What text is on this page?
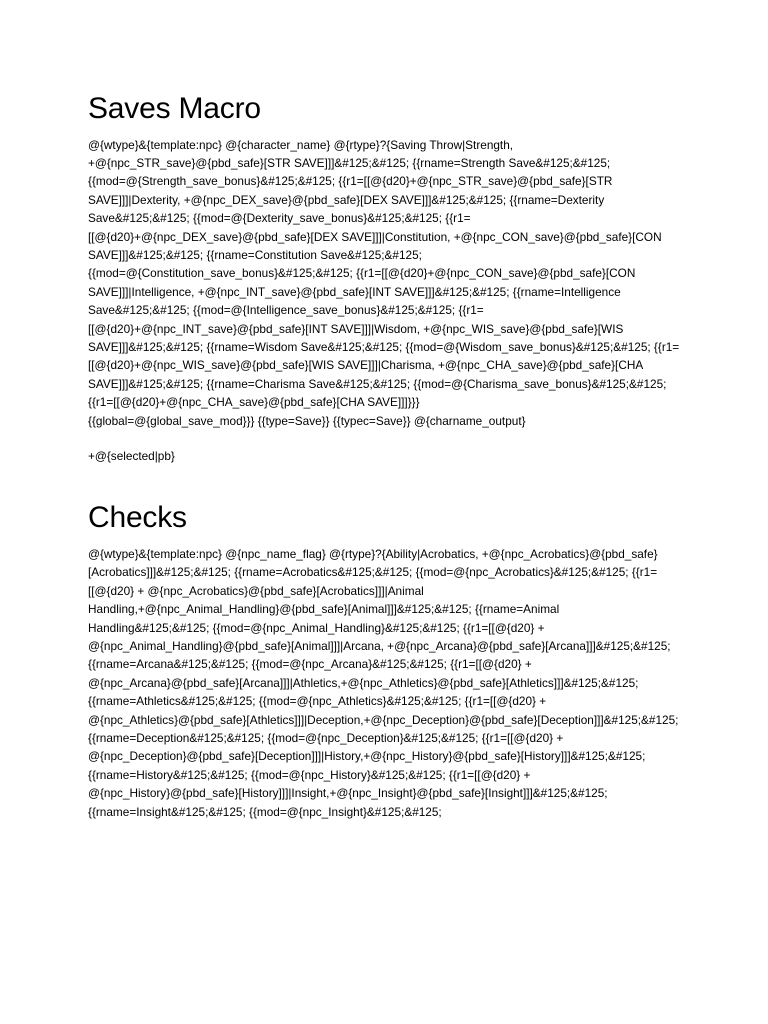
Saves Macro

@{wtype}&{template:npc} @{character_name} @{rtype}?{Saving Throw|Strength, +@{npc_STR_save}@{pbd_safe}[STR SAVE]]]&#125;&#125; {{rname=Strength Save&#125;&#125; {{mod=@{Strength_save_bonus}&#125;&#125; {{r1=[[@{d20}+@{npc_STR_save}@{pbd_safe}[STR SAVE]]]|Dexterity, +@{npc_DEX_save}@{pbd_safe}[DEX SAVE]]]&#125;&#125; {{rname=Dexterity Save&#125;&#125; {{mod=@{Dexterity_save_bonus}&#125;&#125; {{r1=[[@{d20}+@{npc_DEX_save}@{pbd_safe}[DEX SAVE]]]|Constitution, +@{npc_CON_save}@{pbd_safe}[CON SAVE]]]&#125;&#125; {{rname=Constitution Save&#125;&#125; {{mod=@{Constitution_save_bonus}&#125;&#125; {{r1=[[@{d20}+@{npc_CON_save}@{pbd_safe}[CON SAVE]]]|Intelligence, +@{npc_INT_save}@{pbd_safe}[INT SAVE]]]&#125;&#125; {{rname=Intelligence Save&#125;&#125; {{mod=@{Intelligence_save_bonus}&#125;&#125; {{r1=[[@{d20}+@{npc_INT_save}@{pbd_safe}[INT SAVE]]]|Wisdom, +@{npc_WIS_save}@{pbd_safe}[WIS SAVE]]]&#125;&#125; {{rname=Wisdom Save&#125;&#125; {{mod=@{Wisdom_save_bonus}&#125;&#125; {{r1=[[@{d20}+@{npc_WIS_save}@{pbd_safe}[WIS SAVE]]]|Charisma, +@{npc_CHA_save}@{pbd_safe}[CHA SAVE]]]&#125;&#125; {{rname=Charisma Save&#125;&#125; {{mod=@{Charisma_save_bonus}&#125;&#125; {{r1=[[@{d20}+@{npc_CHA_save}@{pbd_safe}[CHA SAVE]]]}}}

{{global=@{global_save_mod}}} {{type=Save}} {{typec=Save}} @{charname_output}

+@{selected|pb}

Checks

@{wtype}&{template:npc} @{npc_name_flag} @{rtype}?{Ability|Acrobatics, +@{npc_Acrobatics}@{pbd_safe}[Acrobatics]]]&#125;&#125; {{rname=Acrobatics&#125;&#125; {{mod=@{npc_Acrobatics}&#125;&#125; {{r1=[[@{d20} + @{npc_Acrobatics}@{pbd_safe}[Acrobatics]]]|Animal Handling,+@{npc_Animal_Handling}@{pbd_safe}[Animal]]]&#125;&#125; {{rname=Animal Handling&#125;&#125; {{mod=@{npc_Animal_Handling}&#125;&#125; {{r1=[[@{d20} + @{npc_Animal_Handling}@{pbd_safe}[Animal]]]|Arcana, +@{npc_Arcana}@{pbd_safe}[Arcana]]]&#125;&#125; {{rname=Arcana&#125;&#125; {{mod=@{npc_Arcana}&#125;&#125; {{r1=[[@{d20} + @{npc_Arcana}@{pbd_safe}[Arcana]]]|Athletics,+@{npc_Athletics}@{pbd_safe}[Athletics]]]&#125;&#125; {{rname=Athletics&#125;&#125; {{mod=@{npc_Athletics}&#125;&#125; {{r1=[[@{d20} + @{npc_Athletics}@{pbd_safe}[Athletics]]]|Deception,+@{npc_Deception}@{pbd_safe}[Deception]]]&#125;&#125; {{rname=Deception&#125;&#125; {{mod=@{npc_Deception}&#125;&#125; {{r1=[[@{d20} + @{npc_Deception}@{pbd_safe}[Deception]]]|History,+@{npc_History}@{pbd_safe}[History]]]&#125;&#125; {{rname=History&#125;&#125; {{mod=@{npc_History}&#125;&#125; {{r1=[[@{d20} + @{npc_History}@{pbd_safe}[History]]]|Insight,+@{npc_Insight}@{pbd_safe}[Insight]]]&#125;&#125; {{rname=Insight&#125;&#125; {{mod=@{npc_Insight}&#125;&#125;
